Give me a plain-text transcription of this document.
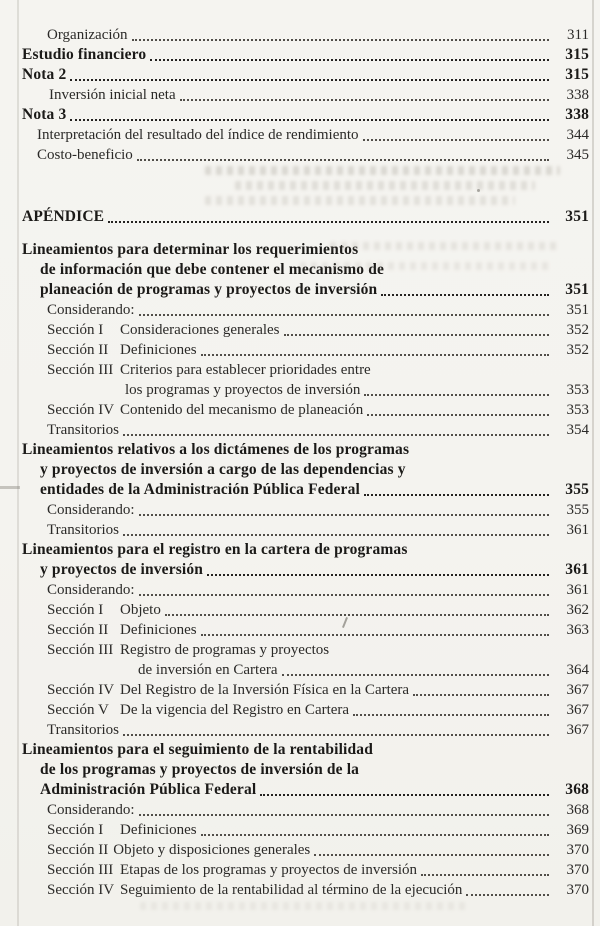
Organización	311
Estudio financiero	315
Nota 2	315
Inversión inicial neta	338
Nota 3	338
Interpretación del resultado del índice de rendimiento	344
Costo-beneficio	345
APÉNDICE	351
Lineamientos para determinar los requerimientos
de información que debe contener el mecanismo de
planeación de programas y proyectos de inversión	351
Considerando:	351
Sección I	Consideraciones generales	352
Sección II Definiciones	352
Sección III Criterios para establecer prioridades entre
los programas y proyectos de inversión	353
Sección IV Contenido del mecanismo de planeación	353
Transitorios	354
Lineamientos relativos a los dictámenes de los programas
y proyectos de inversión a cargo de las dependencias y
entidades de la Administración Pública Federal	355
Considerando:	355
Transitorios	361
Lineamientos para el registro en la cartera de programas
y proyectos de inversión	361
Considerando:	361
Sección I	Objeto	362
Sección II Definiciones	363
Sección III Registro de programas y proyectos
de inversión en Cartera	364
Sección IV Del Registro de la Inversión Física en la Cartera	367
Sección V De la vigencia del Registro en Cartera	367
Transitorios	367
Lineamientos para el seguimiento de la rentabilidad
de los programas y proyectos de inversión de la
Administración Pública Federal	368
Considerando:	368
Sección I	Definiciones	369
Sección II Objeto y disposiciones generales	370
Sección III Etapas de los programas y proyectos de inversión	370
Sección IV Seguimiento de la rentabilidad al término de la ejecución	370
